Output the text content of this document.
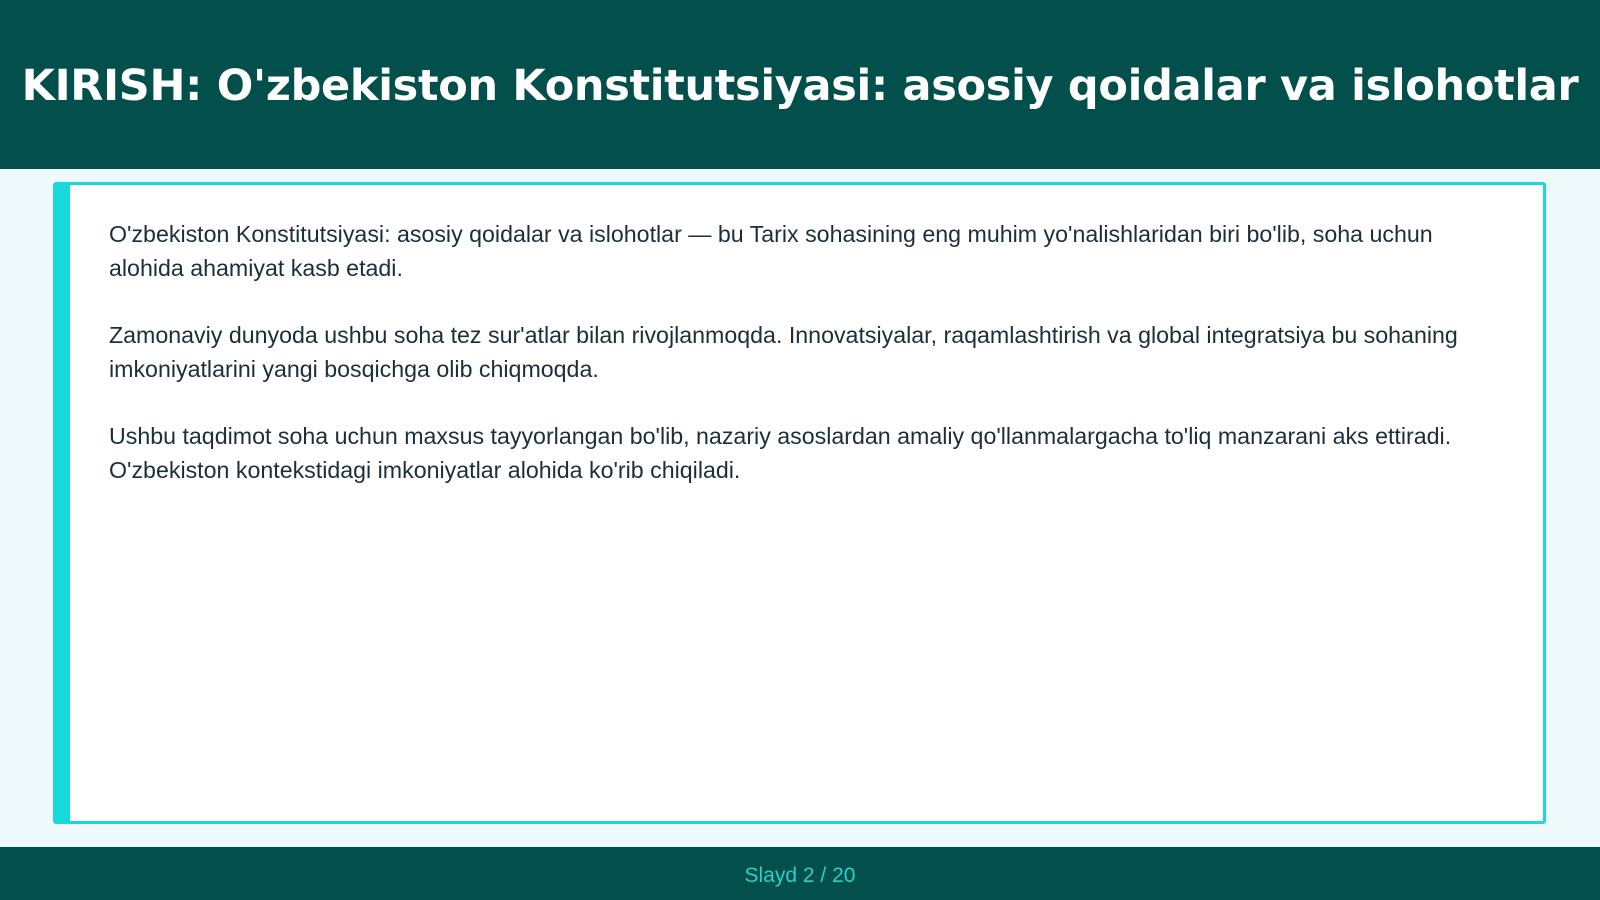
KIRISH: O'zbekiston Konstitutsiyasi: asosiy qoidalar va islohotlar

O'zbekiston Konstitutsiyasi: asosiy qoidalar va islohotlar — bu Tarix sohasining eng muhim yo'nalishlaridan biri bo'lib, soha uchun alohida ahamiyat kasb etadi.

Zamonaviy dunyoda ushbu soha tez sur'atlar bilan rivojlanmoqda. Innovatsiyalar, raqamlashtirish va global integratsiya bu sohaning imkoniyatlarini yangi bosqichga olib chiqmoqda.

Ushbu taqdimot soha uchun maxsus tayyorlangan bo'lib, nazariy asoslardan amaliy qo'llanmalargacha to'liq manzarani aks ettiradi. O'zbekiston kontekstidagi imkoniyatlar alohida ko'rib chiqiladi.

Slayd 2 / 20
